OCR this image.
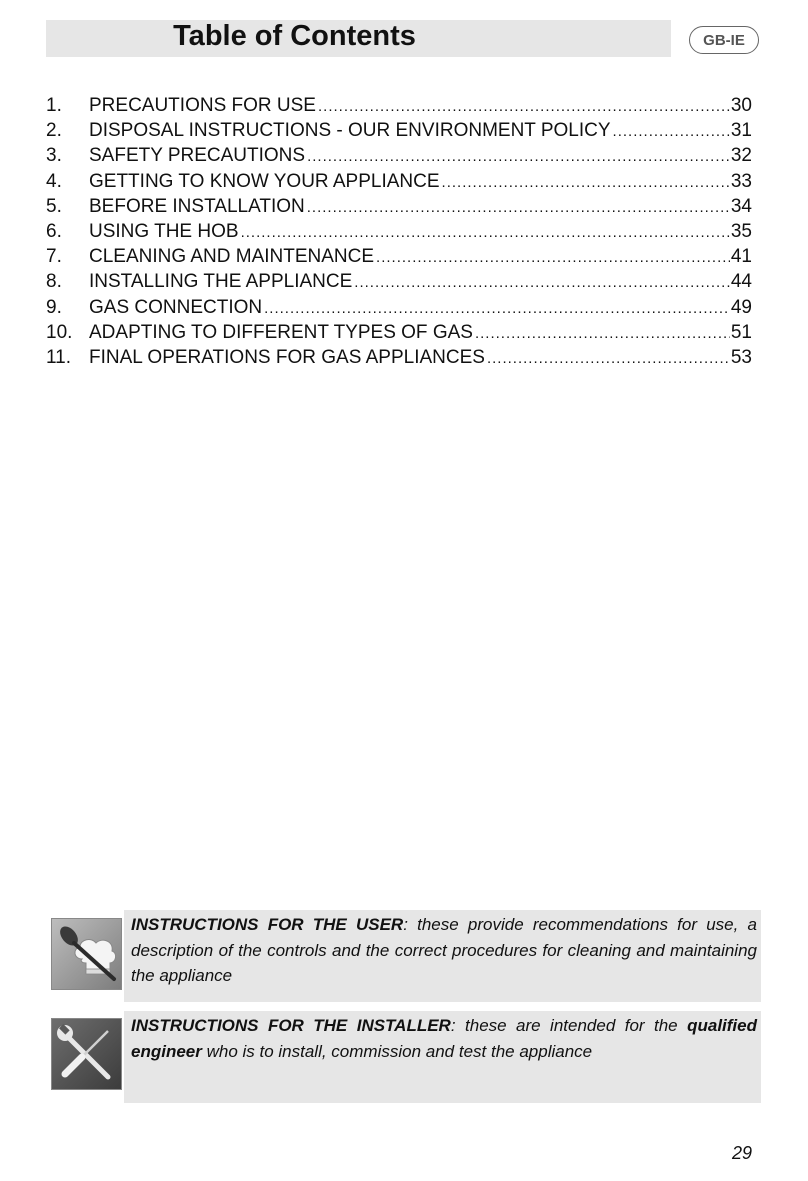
Table of Contents	GB-IE
1.	PRECAUTIONS FOR USE .....	30
2.	DISPOSAL INSTRUCTIONS - OUR ENVIRONMENT POLICY .....	31
3.	SAFETY PRECAUTIONS .....	32
4.	GETTING TO KNOW YOUR APPLIANCE .....	33
5.	BEFORE INSTALLATION .....	34
6.	USING THE HOB .....	35
7.	CLEANING AND MAINTENANCE .....	41
8.	INSTALLING THE APPLIANCE .....	44
9.	GAS CONNECTION .....	49
10. ADAPTING TO DIFFERENT TYPES OF GAS .....	51
11. FINAL OPERATIONS FOR GAS APPLIANCES .....	53
INSTRUCTIONS FOR THE USER: these provide recommendations for use, a description of the controls and the correct procedures for cleaning and maintaining the appliance
INSTRUCTIONS FOR THE INSTALLER: these are intended for the qualified engineer who is to install, commission and test the appliance
29
